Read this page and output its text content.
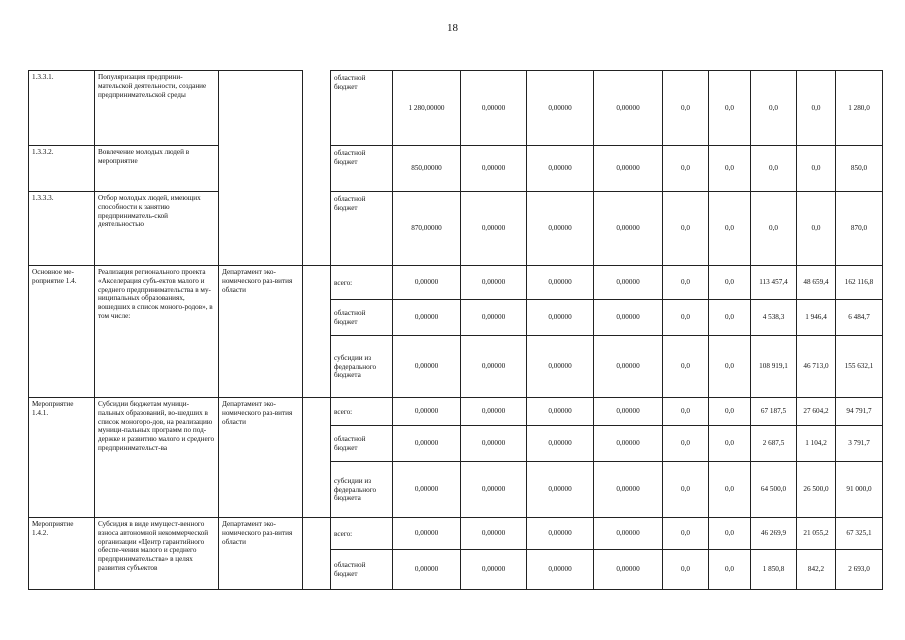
18
1.3.3.1.	Популяризация предприни-мательской деятельности, создание предпринимательской среды			областной бюджет	1 280,00000	0,00000	0,00000	0,00000	0,0	0,0	0,0	0,0	1 280,0
1.3.3.2.	Вовлечение молодых людей в мероприятие			областной бюджет	850,00000	0,00000	0,00000	0,00000	0,0	0,0	0,0	0,0	850,0
1.3.3.3.	Отбор молодых людей, имеющих способности к занятию предприниматель-ской деятельностью			областной бюджет	870,00000	0,00000	0,00000	0,00000	0,0	0,0	0,0	0,0	870,0
Основное ме-роприятие 1.4.	Реализация регионального проекта «Акселерация субъ-ектов малого и среднего предпринимательства в му-ниципальных образованиях, вошедших в список моного-родов», в том числе:	Департамент эко-номического раз-вития области		всего:	0,00000	0,00000	0,00000	0,00000	0,0	0,0	113 457,4	48 659,4	162 116,8
				областной бюджет	0,00000	0,00000	0,00000	0,00000	0,0	0,0	4 538,3	1 946,4	6 484,7
				субсидии из федерального бюджета	0,00000	0,00000	0,00000	0,00000	0,0	0,0	108 919,1	46 713,0	155 632,1
Мероприятие 1.4.1.	Субсидии бюджетам муници-пальных образований, во-шедших в список моногоро-дов, на реализацию муници-пальных программ по под-держке и развитию малого и среднего предпринимательст-ва	Департамент эко-номического раз-вития области		всего:	0,00000	0,00000	0,00000	0,00000	0,0	0,0	67 187,5	27 604,2	94 791,7
				областной бюджет	0,00000	0,00000	0,00000	0,00000	0,0	0,0	2 687,5	1 104,2	3 791,7
				субсидии из федерального бюджета	0,00000	0,00000	0,00000	0,00000	0,0	0,0	64 500,0	26 500,0	91 000,0
Мероприятие 1.4.2.	Субсидия в виде имущест-венного взноса автономной некоммерческой организации «Центр гарантийного обеспе-чения малого и среднего предпринимательства» в целях развития субъектов	Департамент эко-номического раз-вития области		всего:	0,00000	0,00000	0,00000	0,00000	0,0	0,0	46 269,9	21 055,2	67 325,1
				областной бюджет	0,00000	0,00000	0,00000	0,00000	0,0	0,0	1 850,8	842,2	2 693,0
